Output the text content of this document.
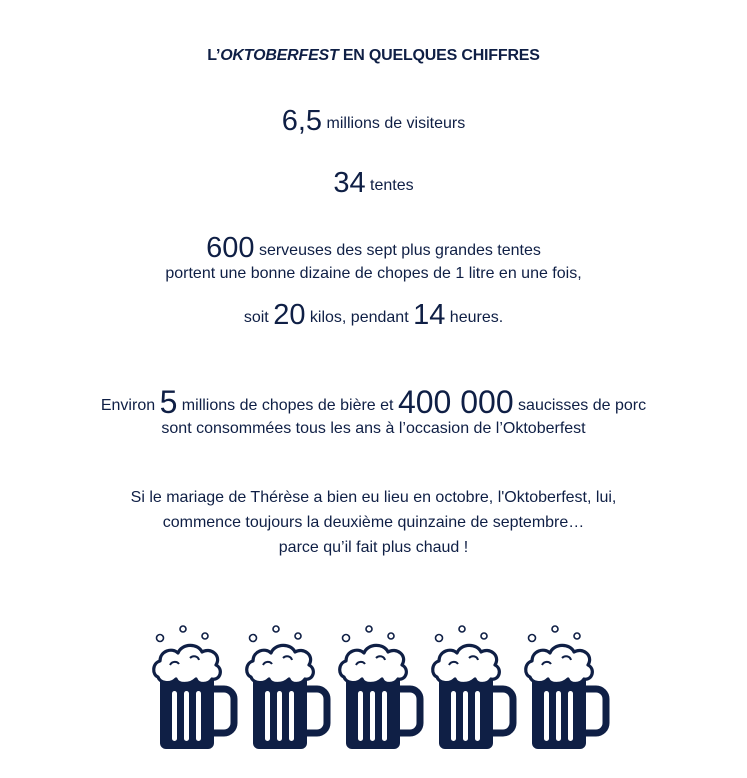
L’OKTOBERFEST EN QUELQUES CHIFFRES
6,5 millions de visiteurs
34 tentes
600 serveuses des sept plus grandes tentes
portent une bonne dizaine de chopes de 1 litre en une fois,
soit 20 kilos, pendant 14 heures.
Environ 5 millions de chopes de bière et 400 000 saucisses de porc
sont consommées tous les ans à l’occasion de l’Oktoberfest
Si le mariage de Thérèse a bien eu lieu en octobre, l'Oktoberfest, lui,
commence toujours la deuxième quinzaine de septembre…
parce qu’il fait plus chaud !
